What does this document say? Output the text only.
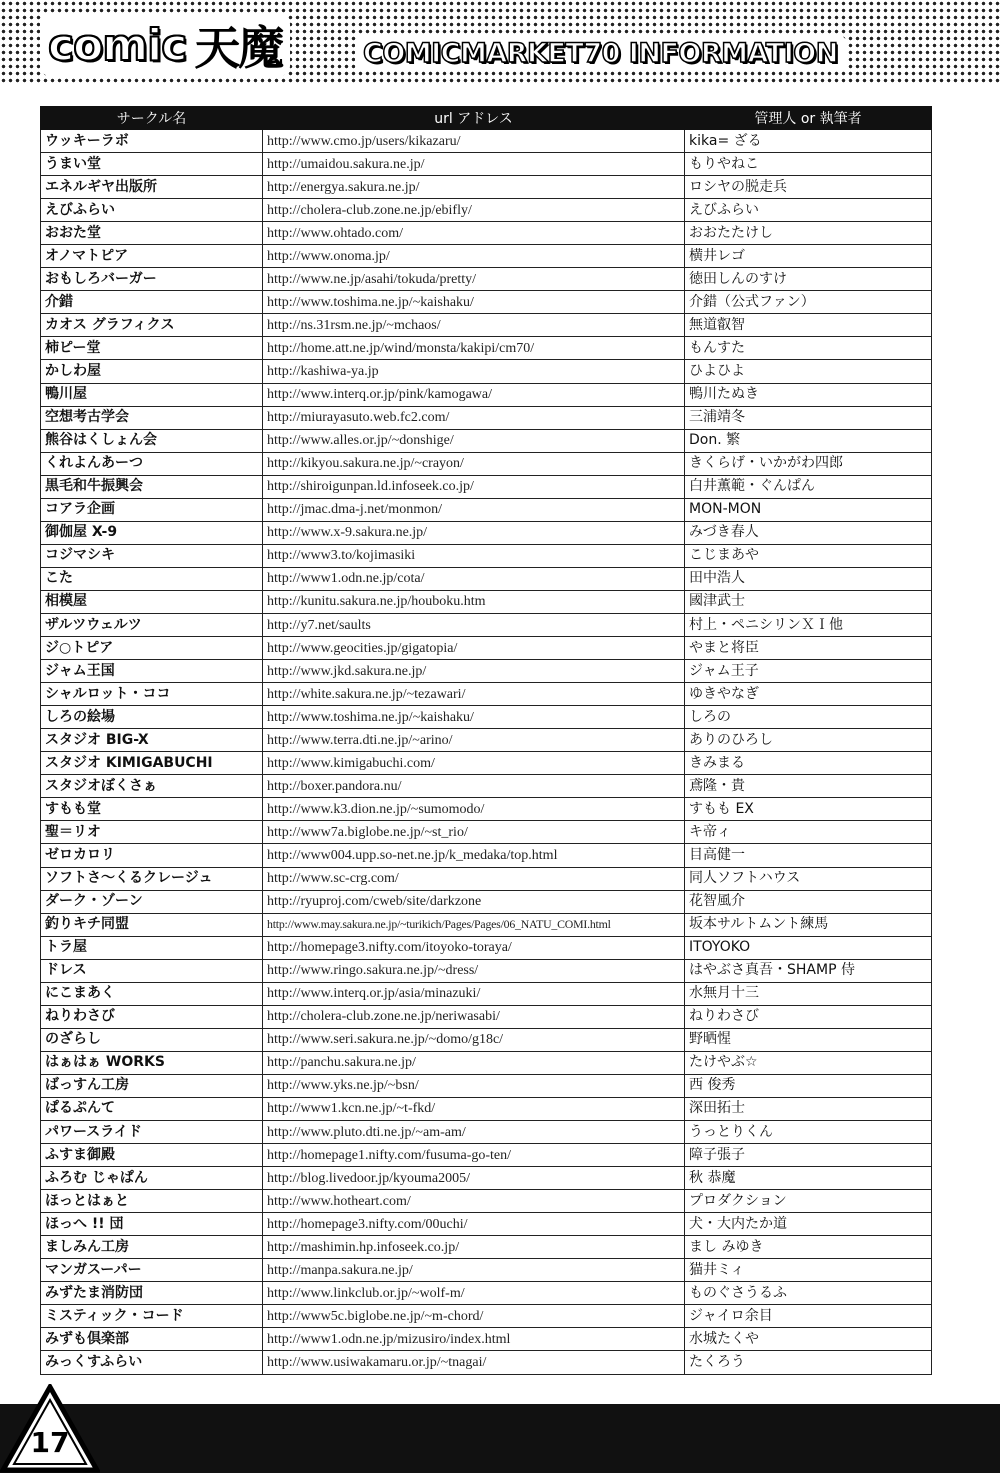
comic 天魔	COMICMARKET70 INFORMATION
サークル名	url アドレス	管理人 or 執筆者
ウッキーラボ	http://www.cmo.jp/users/kikazaru/	kika= ざる
うまい堂	http://umaidou.sakura.ne.jp/	もりやねこ
エネルギヤ出版所	http://energya.sakura.ne.jp/	ロシヤの脱走兵
えびふらい	http://cholera-club.zone.ne.jp/ebifly/	えびふらい
おおた堂	http://www.ohtado.com/	おおたたけし
オノマトピア	http://www.onoma.jp/	横井レゴ
おもしろバーガー	http://www.ne.jp/asahi/tokuda/pretty/	徳田しんのすけ
介錯	http://www.toshima.ne.jp/~kaishaku/	介錯（公式ファン）
カオス グラフィクス	http://ns.31rsm.ne.jp/~mchaos/	無道叡智
柿ピー堂	http://home.att.ne.jp/wind/monsta/kakipi/cm70/	もんすた
かしわ屋	http://kashiwa-ya.jp	ひよひよ
鴨川屋	http://www.interq.or.jp/pink/kamogawa/	鴨川たぬき
空想考古学会	http://miurayasuto.web.fc2.com/	三浦靖冬
熊谷はくしょん会	http://www.alles.or.jp/~donshige/	Don. 繁
くれよんあーつ	http://kikyou.sakura.ne.jp/~crayon/	きくらげ・いかがわ四郎
黒毛和牛振興会	http://shiroigunpan.ld.infoseek.co.jp/	白井薫範・ぐんぱん
コアラ企画	http://jmac.dma-j.net/monmon/	MON-MON
御伽屋 X-9	http://www.x-9.sakura.ne.jp/	みづき春人
コジマシキ	http://www3.to/kojimasiki	こじまあや
こた	http://www1.odn.ne.jp/cota/	田中浩人
相模屋	http://kunitu.sakura.ne.jp/houboku.htm	國津武士
ザルツウェルツ	http://y7.net/saults	村上・ペニシリンＸＩ他
ジ○トピア	http://www.geocities.jp/gigatopia/	やまと将臣
ジャム王国	http://www.jkd.sakura.ne.jp/	ジャム王子
シャルロット・ココ	http://white.sakura.ne.jp/~tezawari/	ゆきやなぎ
しろの絵場	http://www.toshima.ne.jp/~kaishaku/	しろの
スタジオ BIG-X	http://www.terra.dti.ne.jp/~arino/	ありのひろし
スタジオ KIMIGABUCHI	http://www.kimigabuchi.com/	きみまる
スタジオぼくさぁ	http://boxer.pandora.nu/	鳶隆・貴
すもも堂	http://www.k3.dion.ne.jp/~sumomodo/	すもも EX
聖＝リオ	http://www7a.biglobe.ne.jp/~st_rio/	キ帝ィ
ゼロカロリ	http://www004.upp.so-net.ne.jp/k_medaka/top.html	目高健一
ソフトさ～くるクレージュ	http://www.sc-crg.com/	同人ソフトハウス
ダーク・ゾーン	http://ryuproj.com/cweb/site/darkzone	花智風介
釣りキチ同盟	http://www.may.sakura.ne.jp/~turikich/Pages/Pages/06_NATU_COMI.html	坂本サルトムント練馬
トラ屋	http://homepage3.nifty.com/itoyoko-toraya/	ITOYOKO
ドレス	http://www.ringo.sakura.ne.jp/~dress/	はやぶさ真吾・SHAMP 侍
にこまあく	http://www.interq.or.jp/asia/minazuki/	水無月十三
ねりわさび	http://cholera-club.zone.ne.jp/neriwasabi/	ねりわさび
のざらし	http://www.seri.sakura.ne.jp/~domo/g18c/	野晒惺
はぁはぁ WORKS	http://panchu.sakura.ne.jp/	たけやぶ☆
ばっすん工房	http://www.yks.ne.jp/~bsn/	西 俊秀
ぱるぷんて	http://www1.kcn.ne.jp/~t-fkd/	深田拓士
パワースライド	http://www.pluto.dti.ne.jp/~am-am/	うっとりくん
ふすま御殿	http://homepage1.nifty.com/fusuma-go-ten/	障子張子
ふろむ じゃぱん	http://blog.livedoor.jp/kyouma2005/	秋 恭魔
ほっとはぁと	http://www.hotheart.com/	プロダクション
ほっへ !! 団	http://homepage3.nifty.com/00uchi/	犬・大内たか道
ましみん工房	http://mashimin.hp.infoseek.co.jp/	まし みゆき
マンガスーパー	http://manpa.sakura.ne.jp/	猫井ミィ
みずたま消防団	http://www.linkclub.or.jp/~wolf-m/	ものぐさうるふ
ミスティック・コード	http://www5c.biglobe.ne.jp/~m-chord/	ジャイロ余目
みずも倶楽部	http://www1.odn.ne.jp/mizusiro/index.html	水城たくや
みっくすふらい	http://www.usiwakamaru.or.jp/~tnagai/	たくろう
17
